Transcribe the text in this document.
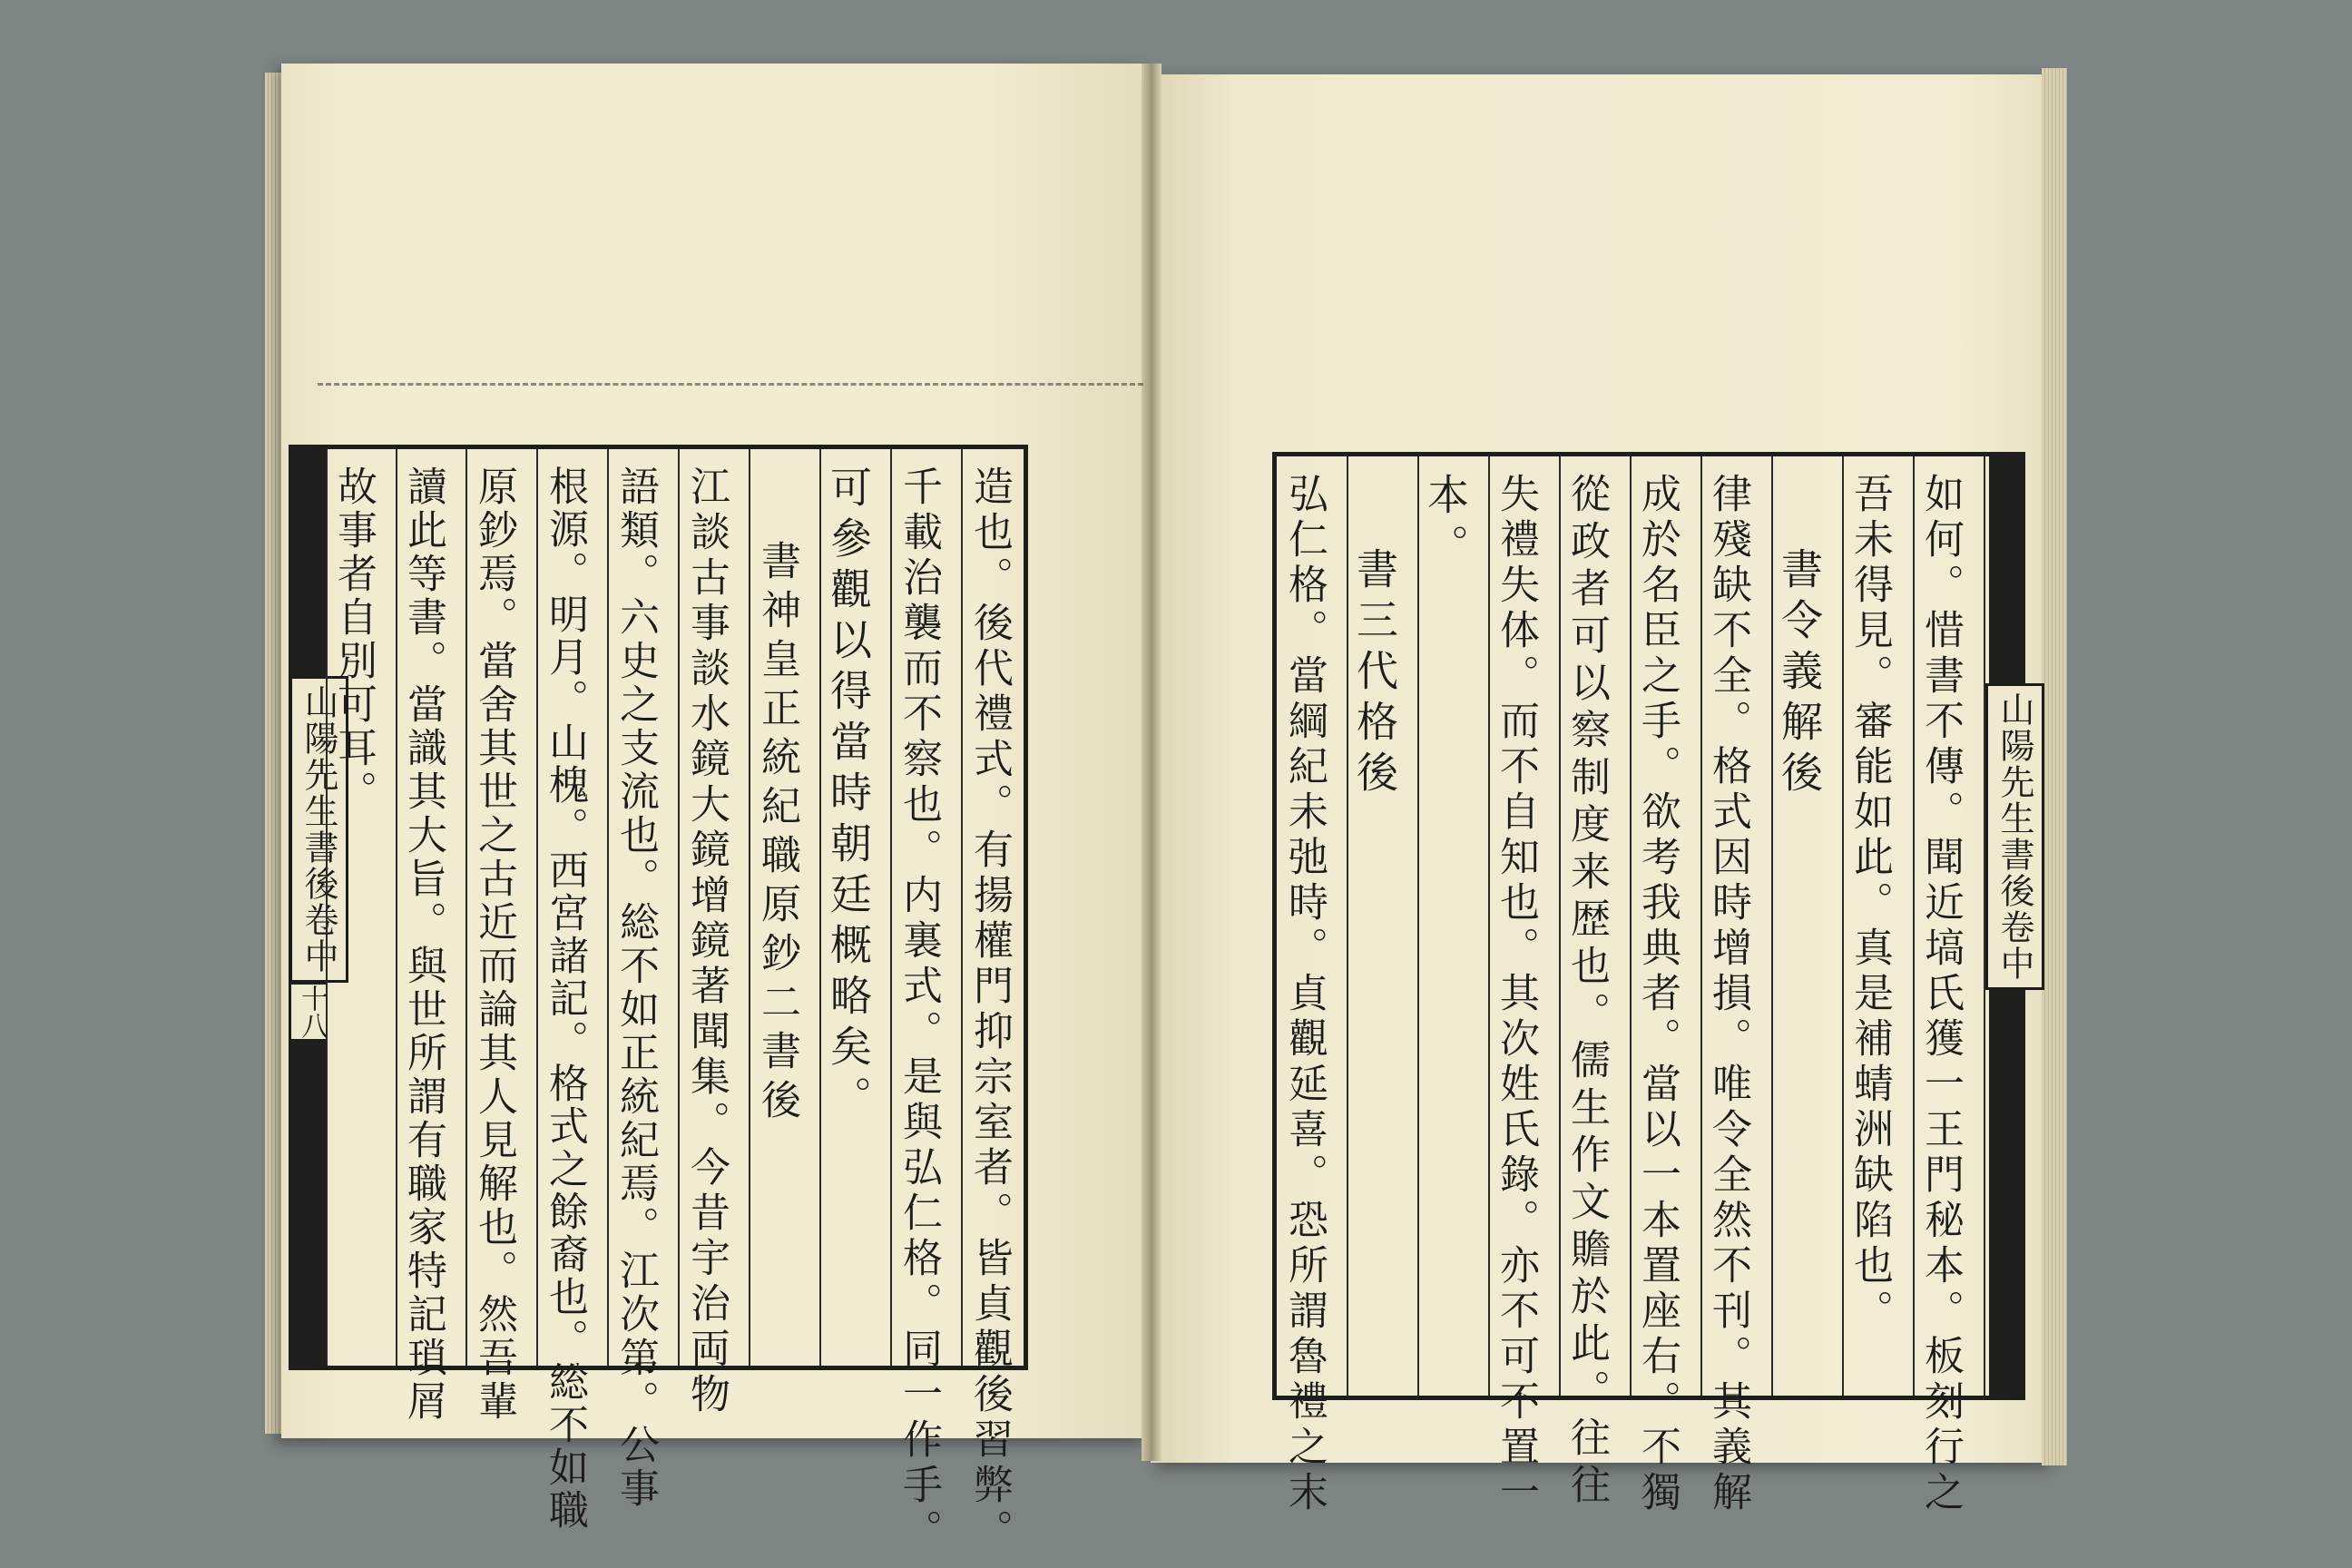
山陽先生書後卷中
十八	造也。後代禮式。有揚權門抑宗室者。皆貞觀後習弊。
千載治襲而不察也。内裏式。是與弘仁格。同一作手。
可參觀以得當時朝廷概略矣。
書神皇正統紀職原鈔二書後
江談古事談水鏡大鏡增鏡著聞集。今昔宇治両物
語類。六史之支流也。総不如正統紀焉。江次第。公事
根源。明月。山槐。西宮諸記。格式之餘裔也。総不如職
原鈔焉。當舍其世之古近而論其人見解也。然吾輩
讀此等書。當識其大旨。與世所謂有職家特記瑣屑
故事者自別可耳。
山陽先生書後卷中
如何。惜書不傳。聞近塙氏獲一王門秘本。板刻行之
吾未得見。審能如此。真是補蜻洲缺陷也。
書令義解後
律殘缺不全。格式因時增損。唯令全然不刊。其義解
成於名臣之手。欲考我典者。當以一本置座右。不獨
從政者可以察制度来歴也。儒生作文贍於此。往往
失禮失体。而不自知也。其次姓氏錄。亦不可不置一
本。
書三代格後
弘仁格。當綱紀未弛時。貞觀延喜。恐所謂魯禮之末
